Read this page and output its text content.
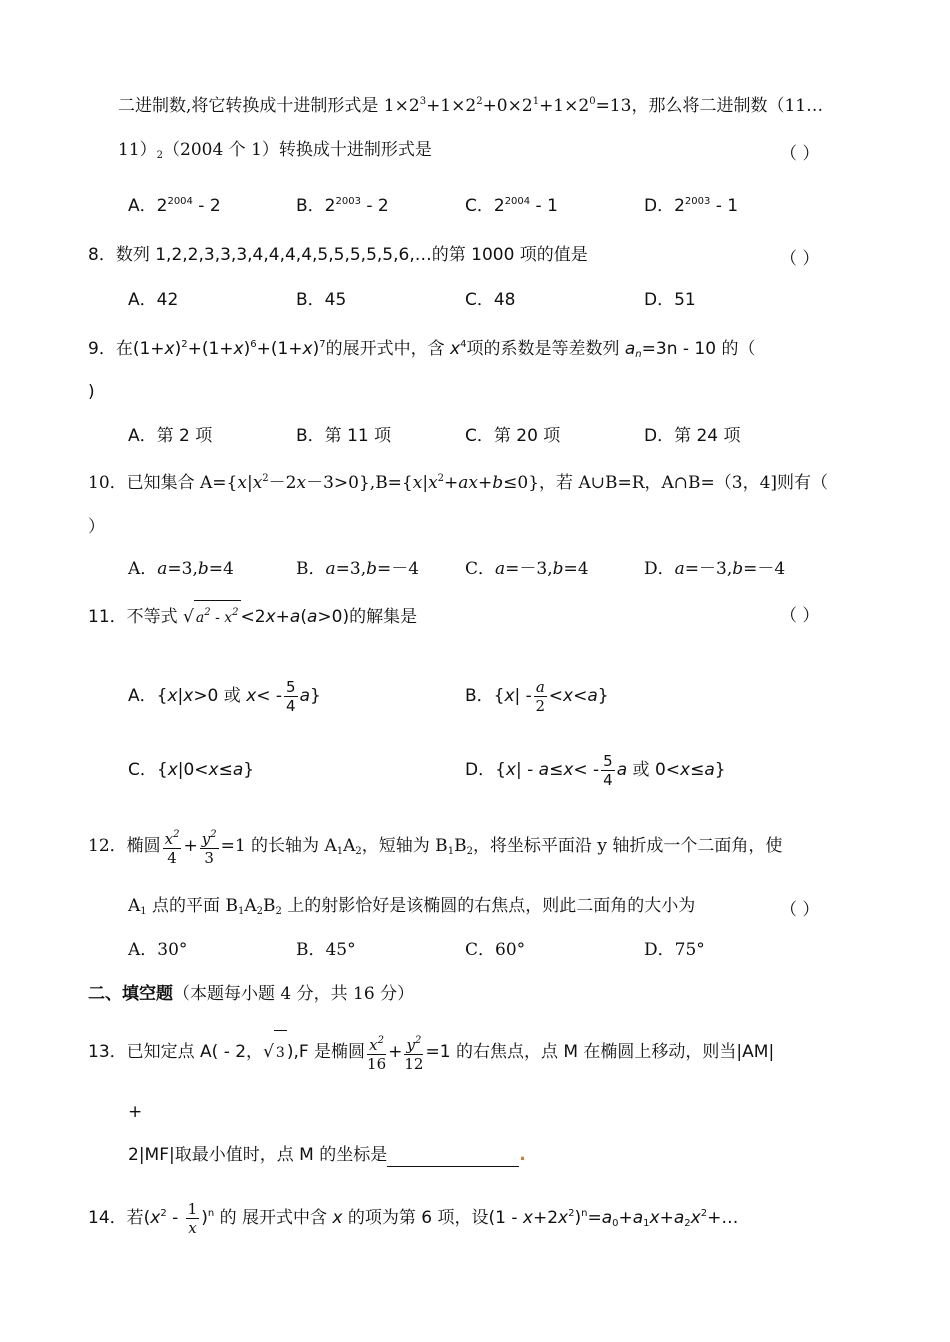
二进制数,将它转换成十进制形式是 $1\times 2^3+1\times 2^2+0\times 2^1+1\times 2^0=13$，那么将二进制数（11…
$11)_2(2004$ 个 1）转换成十进制形式是	（ ）
A．$2^{2004} - 2$	B．$2^{2003} - 2$	C．$2^{2004} - 1$	D．$2^{2003} - 1$
8．数列 1,2,2,3,3,3,4,4,4,4,5,5,5,5,5,6,…的第 1000 项的值是	（ ）
A．42	B．45	C．48	D．51
9．在$(1+x)^2+(1+x)^6+(1+x)^7$的展开式中，含 $x^4$项的系数是等差数列 $a_n=3n - 10$ 的（
)
A．第 2 项	B．第 11 项	C．第 20 项	D．第 24 项
10．已知集合 $A=\{x|x^2-2x-3>0\},B=\{x|x^2+ax+b\le 0\}$，若 A∪B=R，A∩B=（3，4]则有（
）
A．a=3,b=4	B．a=3,b=－4	C．a=－3,b=4	D．a=－3,b=－4
11．不等式 √ $a^2 - x^2 <2x+a(a>0)$的解集是	（ ）
A．{x|x>0 或 $x< - \frac{5}{4} a$}	B．$\{x| - \frac{a}{2} <x<a\}$
C．{x|0<x≤a}	D．{$x| - a\le x< - \frac{5}{4}$ a 或 0<x≤a}
12．椭圆 $\frac{x^2}{4} + \frac{y^2}{3} =1$ 的长轴为 $A_1A_2$，短轴为 $B_1B_2$，将坐标平面沿 y 轴折成一个二面角，使
$A_1$ 点的平面 $B_1A_2B_2$ 上的射影恰好是该椭圆的右焦点，则此二面角的大小为	（ ）
A．30°	B．45°	C．60°	D．75°
二、填空题（本题每小题 4 分，共 16 分）
13．已知定点 A( - 2，√ 3 ),F 是椭圆 $\frac{x^2}{16} + \frac{y^2}{12} =1$ 的右焦点，点 M 在椭圆上移动，则当|AM|
+
2|MF|取最小值时，点 M 的坐标是	.
14．若$(x^2 - \frac{1}{x} )^n$ 的 展开式中含 x 的项为第 6 项，设$(1 - x+2x^2)^n=a_0+a_1x+a_2x^2+\dots$
